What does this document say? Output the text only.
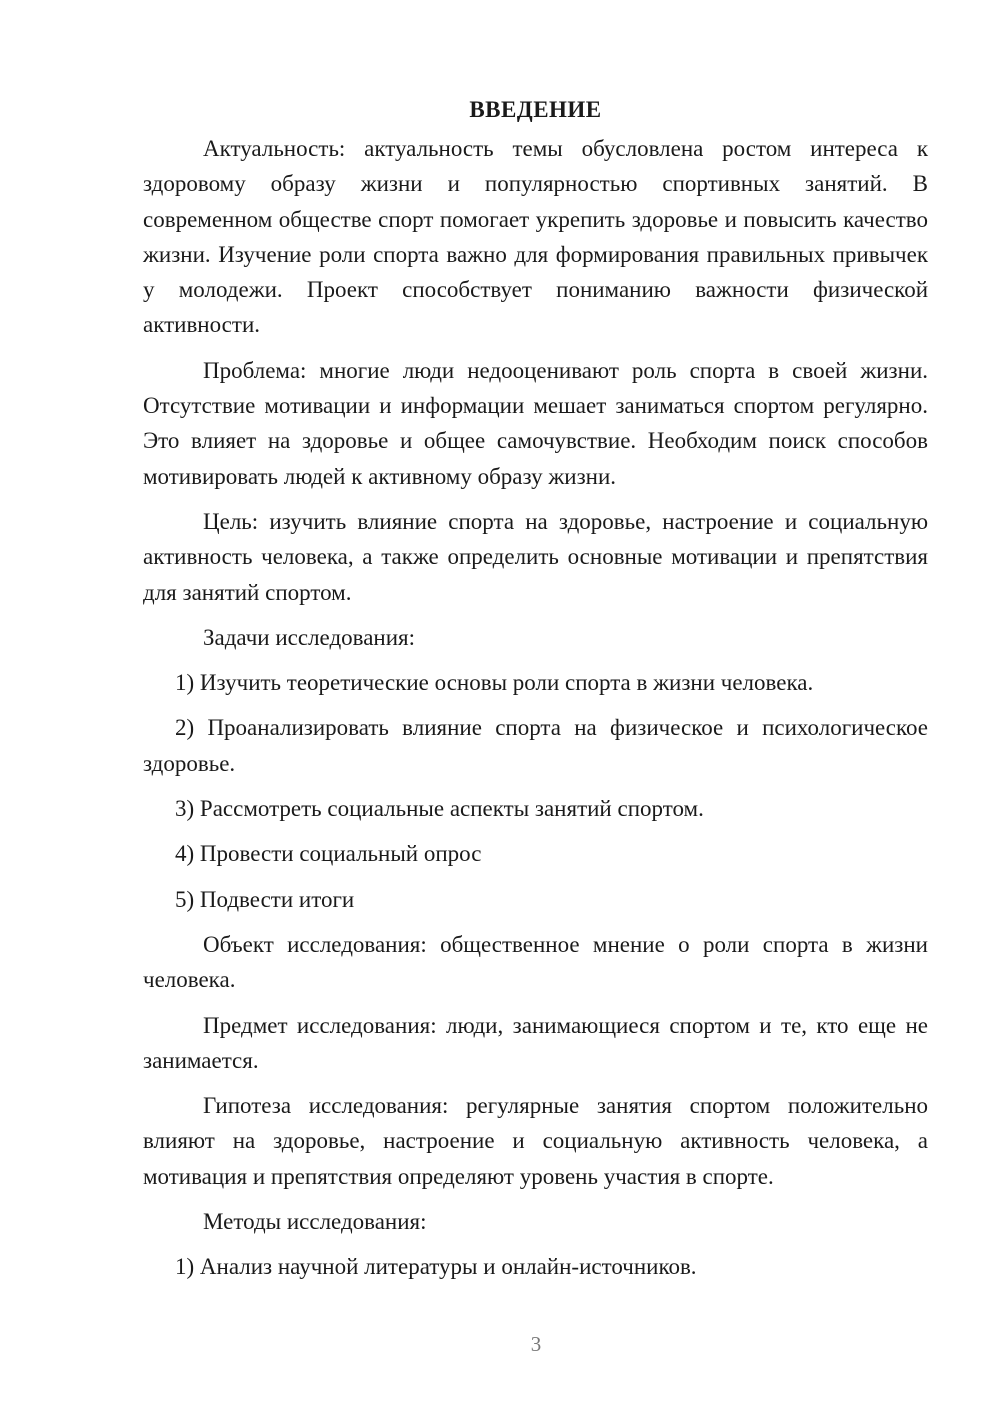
ВВЕДЕНИЕ

Актуальность: актуальность темы обусловлена ростом интереса к здоровому образу жизни и популярностью спортивных занятий. В современном обществе спорт помогает укрепить здоровье и повысить качество жизни. Изучение роли спорта важно для формирования правильных привычек у молодежи. Проект способствует пониманию важности физической активности.

Проблема: многие люди недооценивают роль спорта в своей жизни. Отсутствие мотивации и информации мешает заниматься спортом регулярно. Это влияет на здоровье и общее самочувствие. Необходим поиск способов мотивировать людей к активному образу жизни.

Цель: изучить влияние спорта на здоровье, настроение и социальную активность человека, а также определить основные мотивации и препятствия для занятий спортом.

Задачи исследования:

1) Изучить теоретические основы роли спорта в жизни человека.

2) Проанализировать влияние спорта на физическое и психологическое здоровье.

3) Рассмотреть социальные аспекты занятий спортом.

4) Провести социальный опрос

5) Подвести итоги

Объект исследования: общественное мнение о роли спорта в жизни человека.

Предмет исследования: люди, занимающиеся спортом и те, кто еще не занимается.

Гипотеза исследования: регулярные занятия спортом положительно влияют на здоровье, настроение и социальную активность человека, а мотивация и препятствия определяют уровень участия в спорте.

Методы исследования:

1) Анализ научной литературы и онлайн-источников.

3
